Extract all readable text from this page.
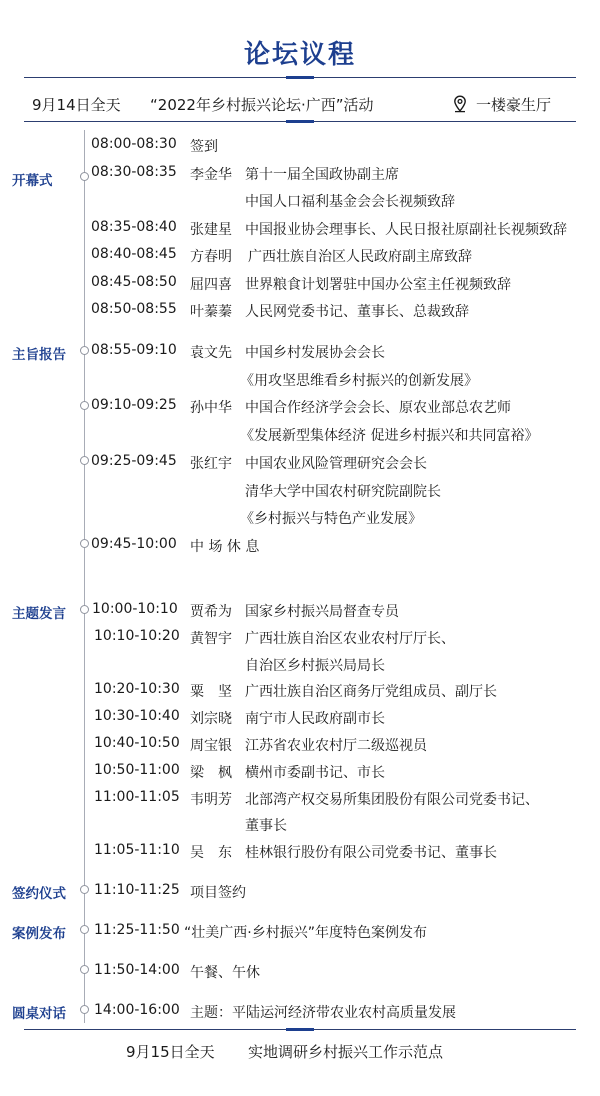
论坛议程
9月14日全天 “2022年乡村振兴论坛·广西”活动	一楼豪生厅
开幕式
主旨报告
主题发言
签约仪式
案例发布
圆桌对话
08:00-08:30 签到
08:30-08:35 李金华 第十一届全国政协副主席
中国人口福利基金会会长视频致辞
08:35-08:40 张建星 中国报业协会理事长、人民日报社原副社长视频致辞
08:40-08:45 方春明 广西壮族自治区人民政府副主席致辞
08:45-08:50 屈四喜 世界粮食计划署驻中国办公室主任视频致辞
08:50-08:55 叶蓁蓁 人民网党委书记、董事长、总裁致辞
08:55-09:10 袁文先 中国乡村发展协会会长
《用攻坚思维看乡村振兴的创新发展》
09:10-09:25 孙中华 中国合作经济学会会长、原农业部总农艺师
《发展新型集体经济 促进乡村振兴和共同富裕》
09:25-09:45 张红宇 中国农业风险管理研究会会长
清华大学中国农村研究院副院长
《乡村振兴与特色产业发展》
09:45-10:00 中 场 休 息
10:00-10:10 贾希为 国家乡村振兴局督查专员
10:10-10:20 黄智宇 广西壮族自治区农业农村厅厅长、
自治区乡村振兴局局长
10:20-10:30 粟　坚 广西壮族自治区商务厅党组成员、副厅长
10:30-10:40 刘宗晓 南宁市人民政府副市长
10:40-10:50 周宝银 江苏省农业农村厅二级巡视员
10:50-11:00 梁　枫 横州市委副书记、市长
11:00-11:05 韦明芳 北部湾产权交易所集团股份有限公司党委书记、
董事长
11:05-11:10 吴　东 桂林银行股份有限公司党委书记、董事长
11:10-11:25 项目签约
11:25-11:50 “壮美广西·乡村振兴”年度特色案例发布
11:50-14:00 午餐、午休
14:00-16:00 主题：平陆运河经济带农业农村高质量发展
9月15日全天 实地调研乡村振兴工作示范点
